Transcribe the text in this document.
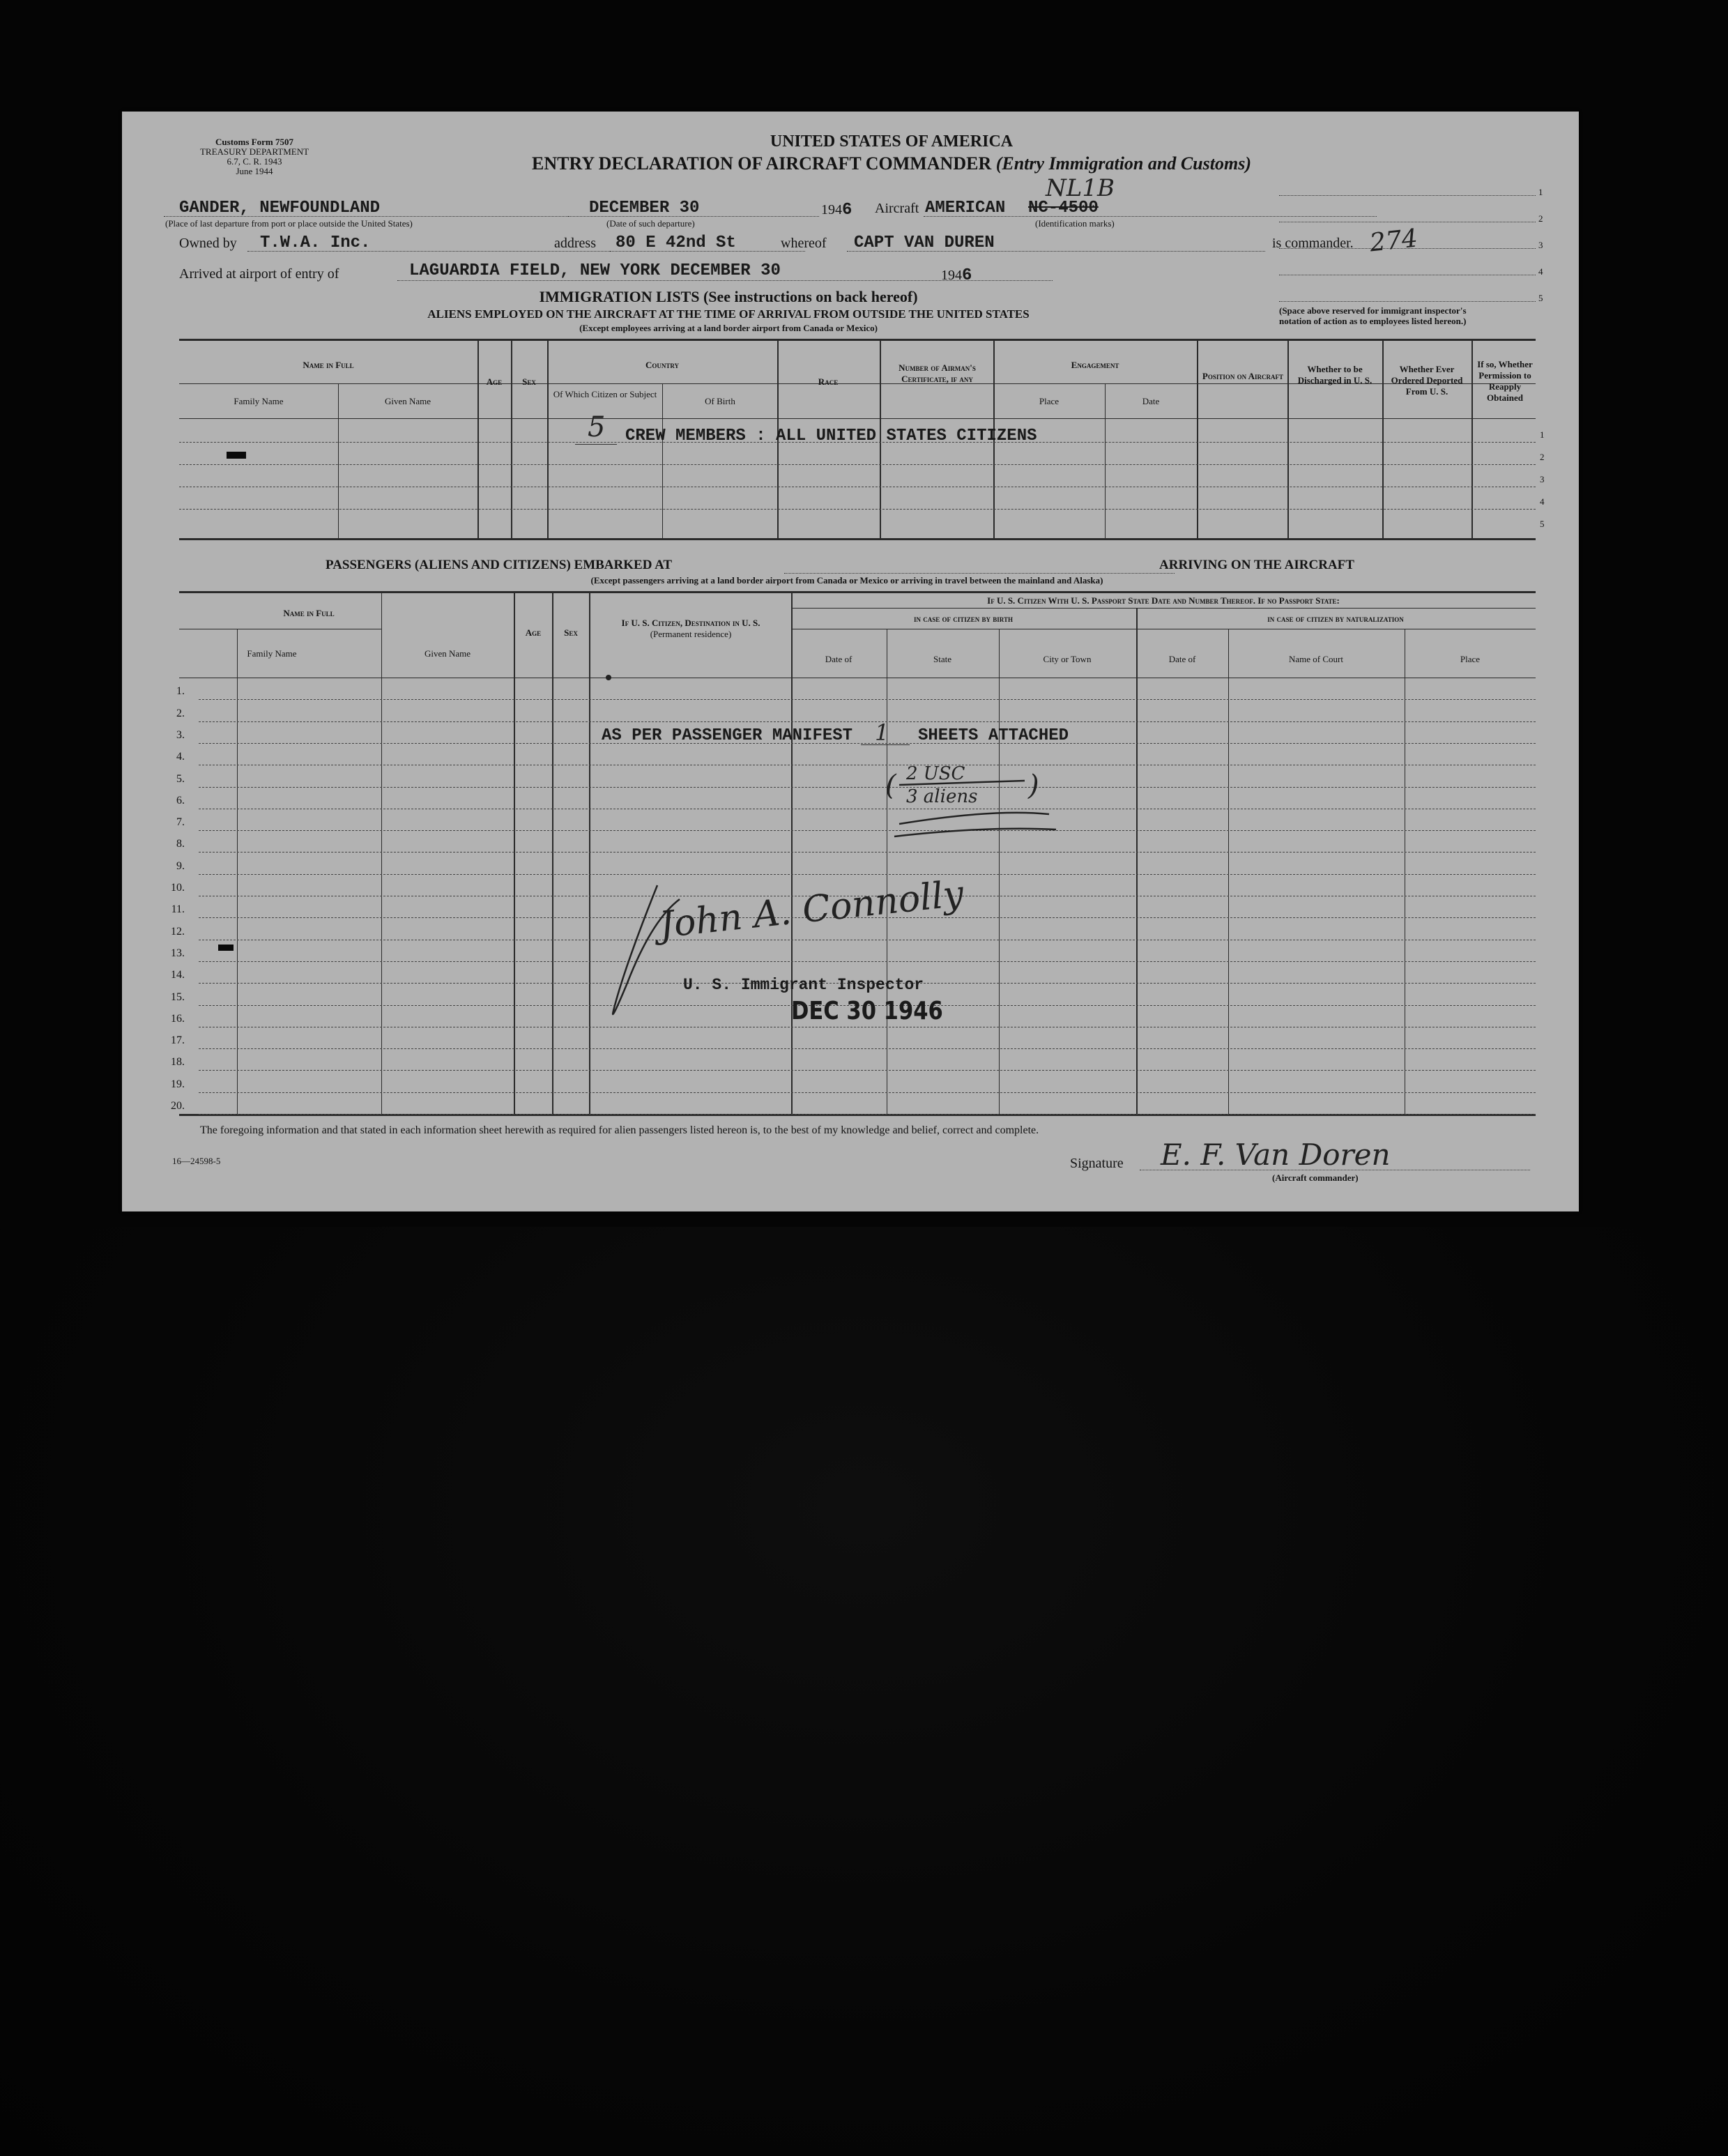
Customs Form 7507
TREASURY DEPARTMENT
6.7, C. R. 1943
June 1944
UNITED STATES OF AMERICA
ENTRY DECLARATION OF AIRCRAFT COMMANDER (Entry Immigration and Customs)
GANDER, NEWFOUNDLAND
(Place of last departure from port or place outside the United States)
DECEMBER 30
(Date of such departure)
1946 Aircraft AMERICAN NC-4500
NL1B
(Identification marks)
Owned by T.W.A. Inc.	address 80 E 42nd St	whereof CAPT VAN DUREN	is commander.
Arrived at airport of entry of	LAGUARDIA FIELD, NEW YORK DECEMBER 30	1946
1
2
3
4
5
274
(Space above reserved for immigrant inspector's
notation of action as to employees listed hereon.)
IMMIGRATION LISTS (See instructions on back hereof)
ALIENS EMPLOYED ON THE AIRCRAFT AT THE TIME OF ARRIVAL FROM OUTSIDE THE UNITED STATES
(Except employees arriving at a land border airport from Canada or Mexico)
Name in Full
Family Name	Given Name
Age Sex
Country
Of Which Citizen or Subject
Of Birth
Race
Number of Airman's Certificate, if any
Engagement
Place	Date
Position on Aircraft
Whether to be Discharged in U. S.
Whether Ever Ordered Deported From U. S.
If so, Whether Permission to Reapply Obtained
1
2
3
4
5
5 CREW MEMBERS : ALL UNITED STATES CITIZENS
PASSENGERS (ALIENS AND CITIZENS) EMBARKED AT	ARRIVING ON THE AIRCRAFT
(Except passengers arriving at a land border airport from Canada or Mexico or arriving in travel between the mainland and Alaska)
Name in Full
Family Name	Given Name
Age	Sex
If U. S. Citizen, Destination in U. S.
(Permanent residence)
If U. S. Citizen With U. S. Passport State Date and Number Thereof. If no Passport State:
in case of citizen by birth	in case of citizen by naturalization
Date of	State	City or Town	Date of	Name of Court	Place
1.
2.
3.
4.
5.
6.
7.
8.
9.
10.
11.
12.
13.
14.
15.
16.
17.
18.
19.
20.
AS PER PASSENGER MANIFEST 1 SHEETS ATTACHED
( 2 USC
3 aliens )
John A. Connolly
U. S. Immigrant Inspector
DEC 30 1946
The foregoing information and that stated in each information sheet herewith as required for alien passengers listed hereon is, to the best of my knowledge and belief, correct and complete.
16—24598-5	Signature E. F. Van Doren
(Aircraft commander)
